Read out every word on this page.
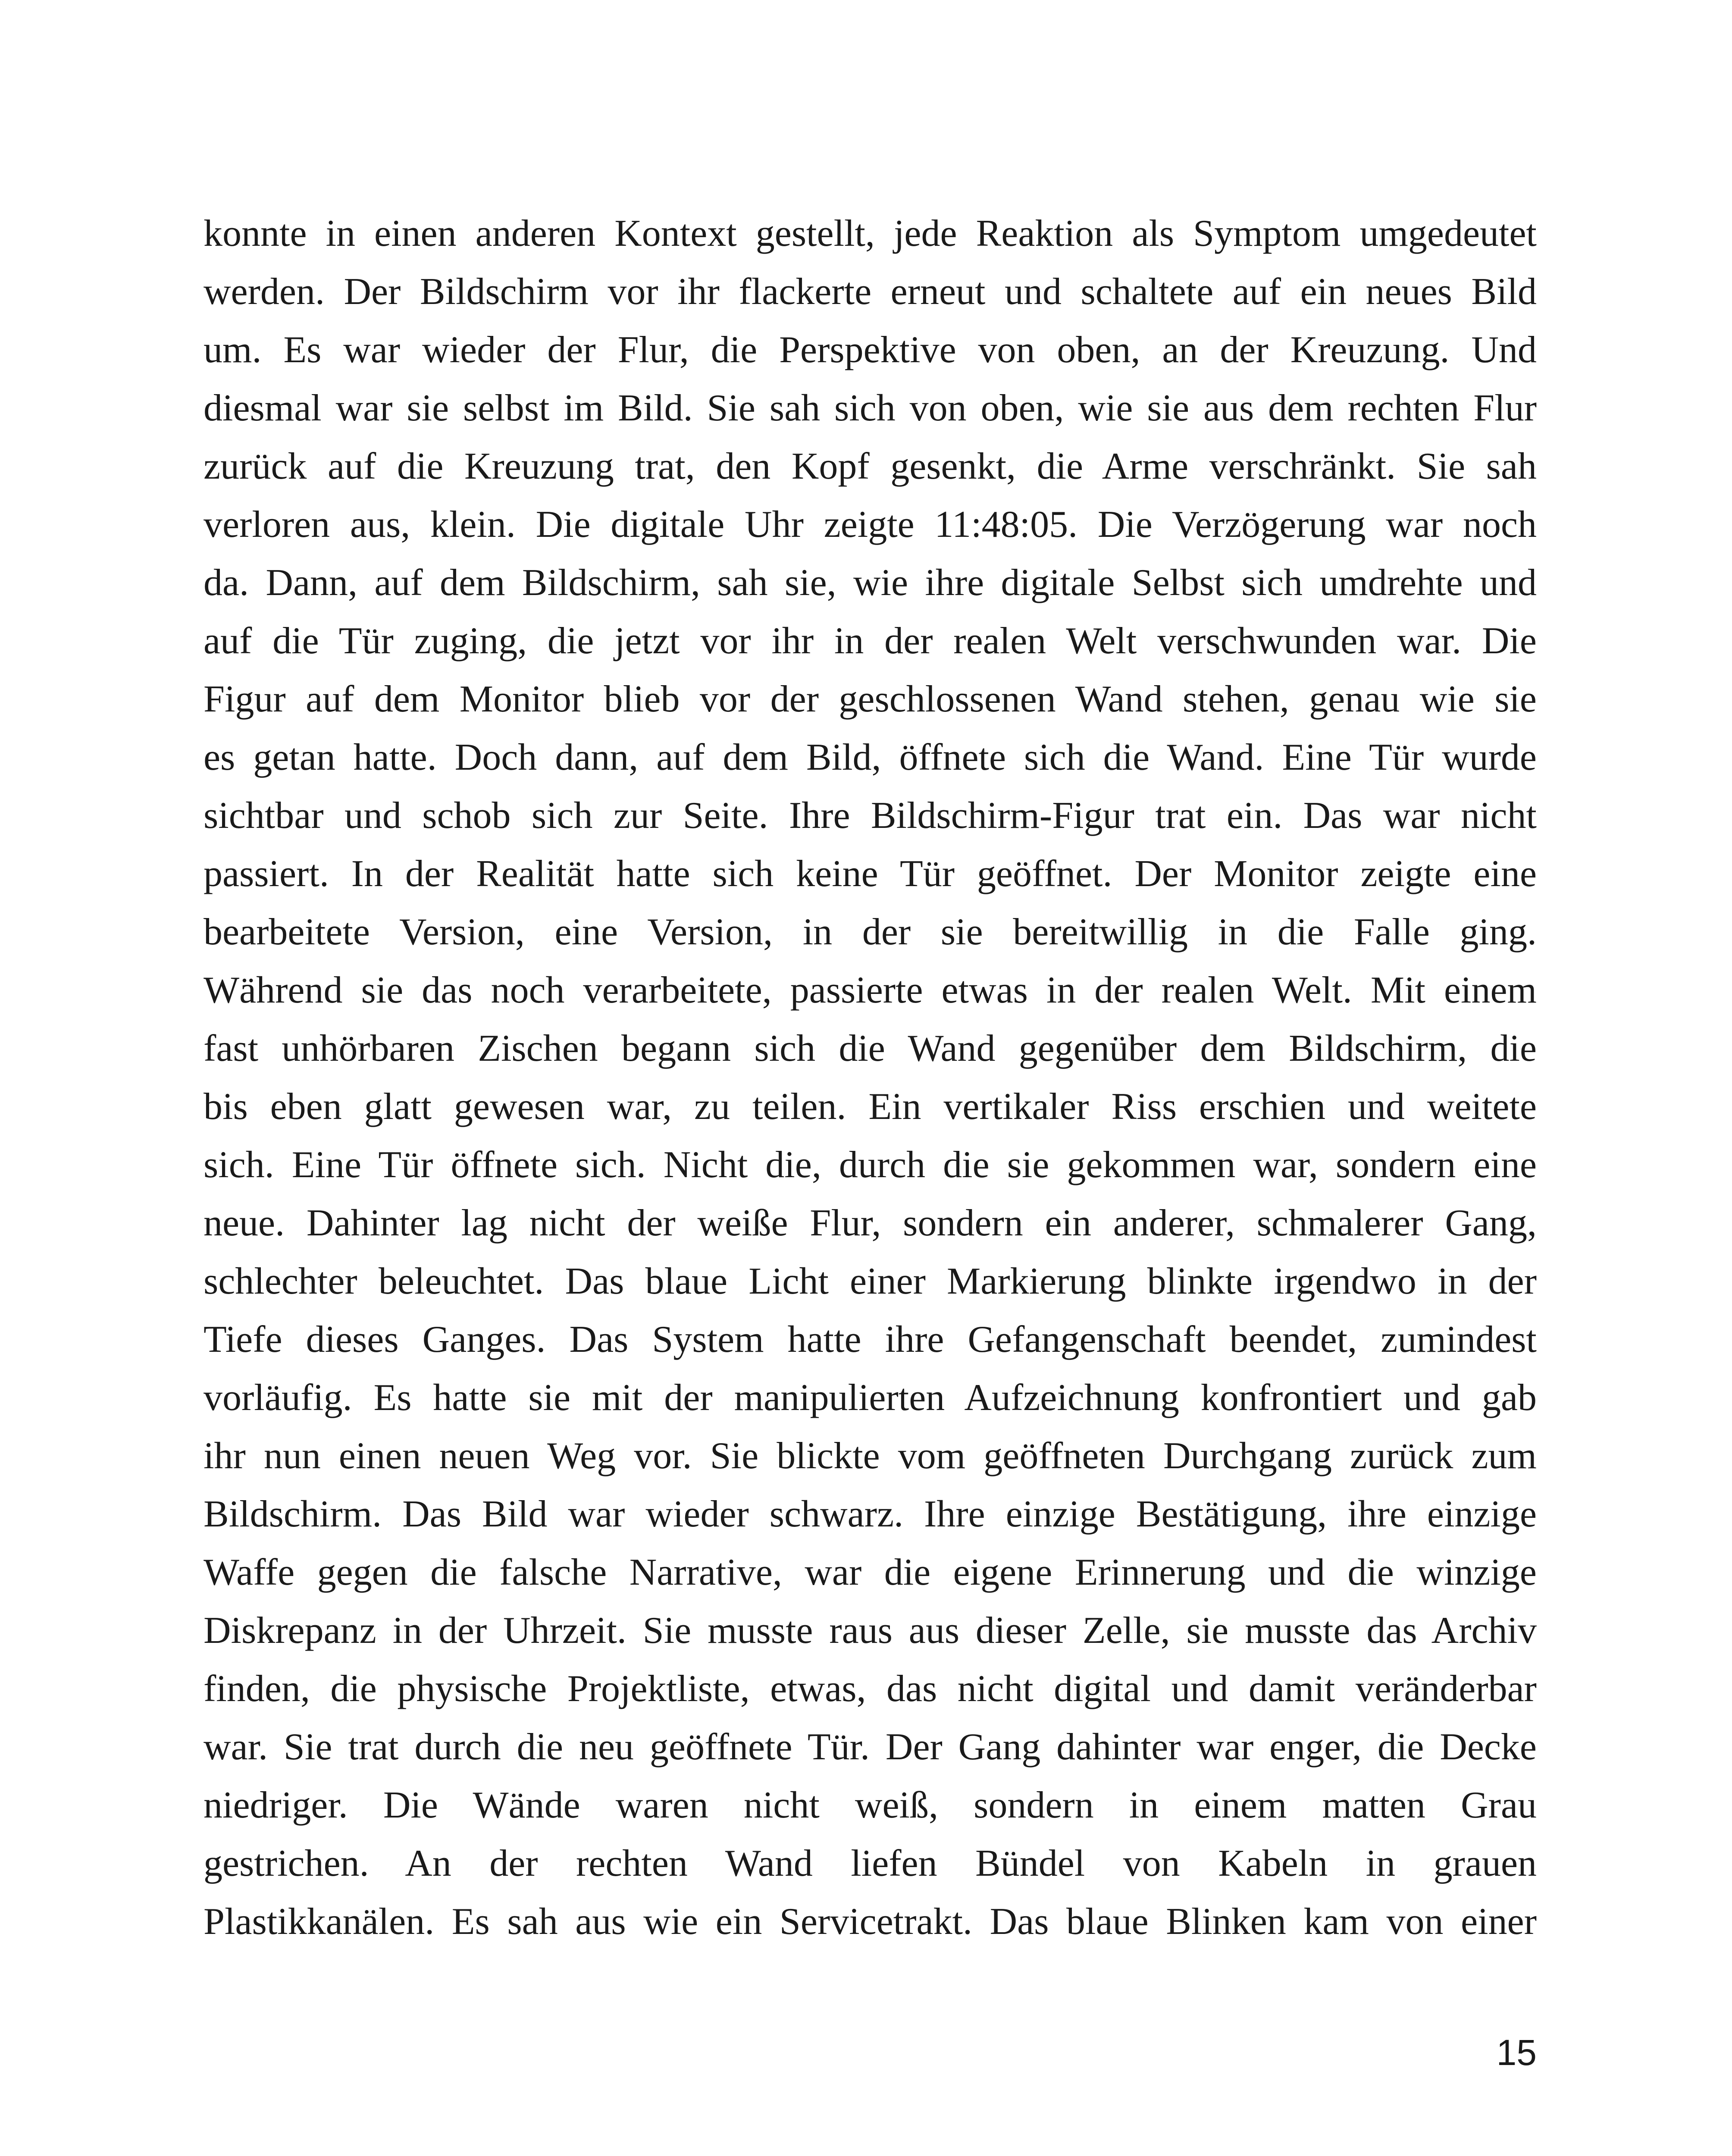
konnte in einen anderen Kontext gestellt, jede Reaktion als Symptom umgedeutet
werden. Der Bildschirm vor ihr flackerte erneut und schaltete auf ein neues Bild
um. Es war wieder der Flur, die Perspektive von oben, an der Kreuzung. Und
diesmal war sie selbst im Bild. Sie sah sich von oben, wie sie aus dem rechten Flur
zurück auf die Kreuzung trat, den Kopf gesenkt, die Arme verschränkt. Sie sah
verloren aus, klein. Die digitale Uhr zeigte 11:48:05. Die Verzögerung war noch
da. Dann, auf dem Bildschirm, sah sie, wie ihre digitale Selbst sich umdrehte und
auf die Tür zuging, die jetzt vor ihr in der realen Welt verschwunden war. Die
Figur auf dem Monitor blieb vor der geschlossenen Wand stehen, genau wie sie
es getan hatte. Doch dann, auf dem Bild, öffnete sich die Wand. Eine Tür wurde
sichtbar und schob sich zur Seite. Ihre Bildschirm-Figur trat ein. Das war nicht
passiert. In der Realität hatte sich keine Tür geöffnet. Der Monitor zeigte eine
bearbeitete Version, eine Version, in der sie bereitwillig in die Falle ging.
Während sie das noch verarbeitete, passierte etwas in der realen Welt. Mit einem
fast unhörbaren Zischen begann sich die Wand gegenüber dem Bildschirm, die
bis eben glatt gewesen war, zu teilen. Ein vertikaler Riss erschien und weitete
sich. Eine Tür öffnete sich. Nicht die, durch die sie gekommen war, sondern eine
neue. Dahinter lag nicht der weiße Flur, sondern ein anderer, schmalerer Gang,
schlechter beleuchtet. Das blaue Licht einer Markierung blinkte irgendwo in der
Tiefe dieses Ganges. Das System hatte ihre Gefangenschaft beendet, zumindest
vorläufig. Es hatte sie mit der manipulierten Aufzeichnung konfrontiert und gab
ihr nun einen neuen Weg vor. Sie blickte vom geöffneten Durchgang zurück zum
Bildschirm. Das Bild war wieder schwarz. Ihre einzige Bestätigung, ihre einzige
Waffe gegen die falsche Narrative, war die eigene Erinnerung und die winzige
Diskrepanz in der Uhrzeit. Sie musste raus aus dieser Zelle, sie musste das Archiv
finden, die physische Projektliste, etwas, das nicht digital und damit veränderbar
war. Sie trat durch die neu geöffnete Tür. Der Gang dahinter war enger, die Decke
niedriger. Die Wände waren nicht weiß, sondern in einem matten Grau
gestrichen. An der rechten Wand liefen Bündel von Kabeln in grauen
Plastikkanälen. Es sah aus wie ein Servicetrakt. Das blaue Blinken kam von einer
15
